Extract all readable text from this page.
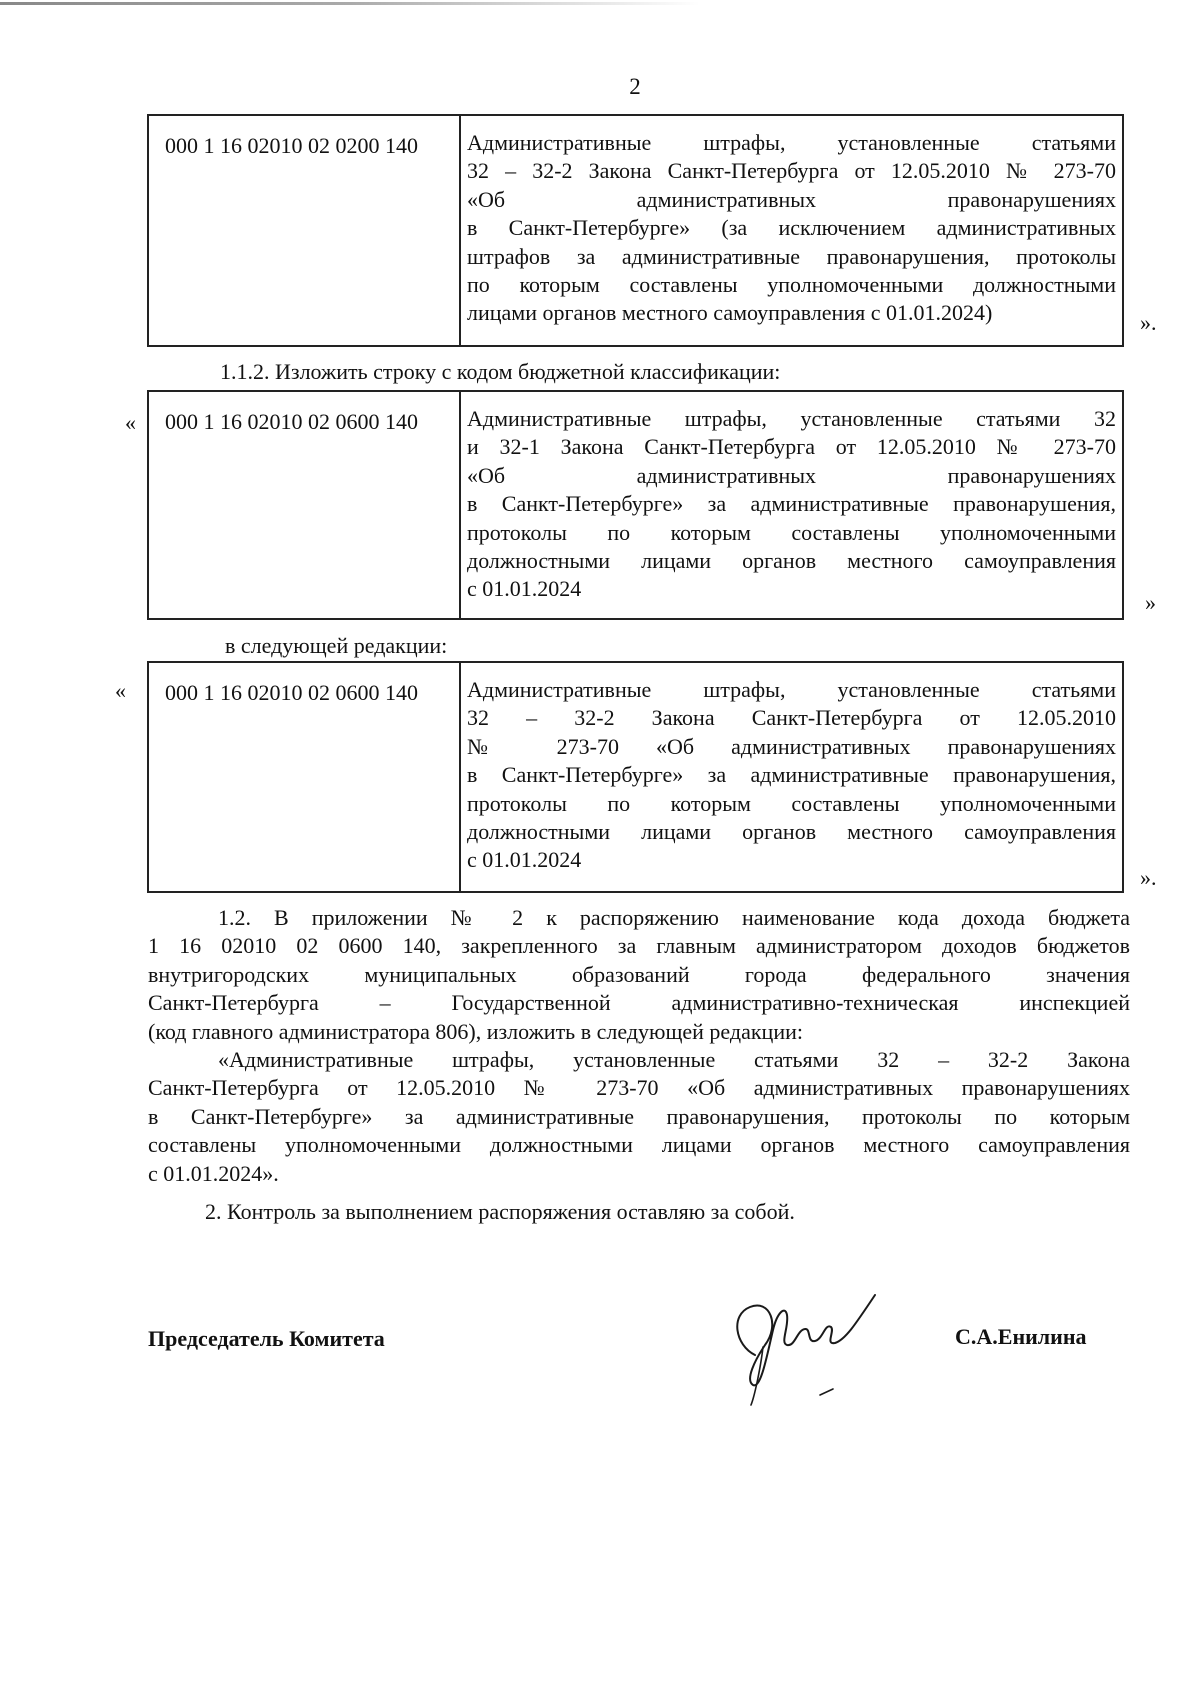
2
000 1 16 02010 02 0200 140	Административные штрафы, установленные статьями
32 – 32-2 Закона Санкт-Петербурга от 12.05.2010 № 273-70
«Об административных правонарушениях
в Санкт-Петербурге» (за исключением административных
штрафов за административные правонарушения, протоколы
по которым составлены уполномоченными должностными
лицами органов местного самоуправления с 01.01.2024)	».
1.1.2. Изложить строку с кодом бюджетной классификации:
«	000 1 16 02010 02 0600 140	Административные штрафы, установленные статьями 32
и 32-1 Закона Санкт-Петербурга от 12.05.2010 № 273-70
«Об административных правонарушениях
в Санкт-Петербурге» за административные правонарушения,
протоколы по которым составлены уполномоченными
должностными лицами органов местного самоуправления
с 01.01.2024
»
в следующей редакции:
«	000 1 16 02010 02 0600 140	Административные штрафы, установленные статьями
32 – 32-2 Закона Санкт-Петербурга от 12.05.2010
№ 273-70 «Об административных правонарушениях
в Санкт-Петербурге» за административные правонарушения,
протоколы по которым составлены уполномоченными
должностными лицами органов местного самоуправления
с 01.01.2024
».
1.2. В приложении № 2 к распоряжению наименование кода дохода бюджета
1 16 02010 02 0600 140, закрепленного за главным администратором доходов бюджетов
внутригородских муниципальных образований города федерального значения
Санкт-Петербурга – Государственной административно-техническая инспекцией
(код главного администратора 806), изложить в следующей редакции:
«Административные штрафы, установленные статьями 32 – 32-2 Закона
Санкт-Петербурга от 12.05.2010 № 273-70 «Об административных правонарушениях
в Санкт-Петербурге» за административные правонарушения, протоколы по которым
составлены уполномоченными должностными лицами органов местного самоуправления
с 01.01.2024».
2. Контроль за выполнением распоряжения оставляю за собой.
Председатель Комитета	С.А.Енилина
